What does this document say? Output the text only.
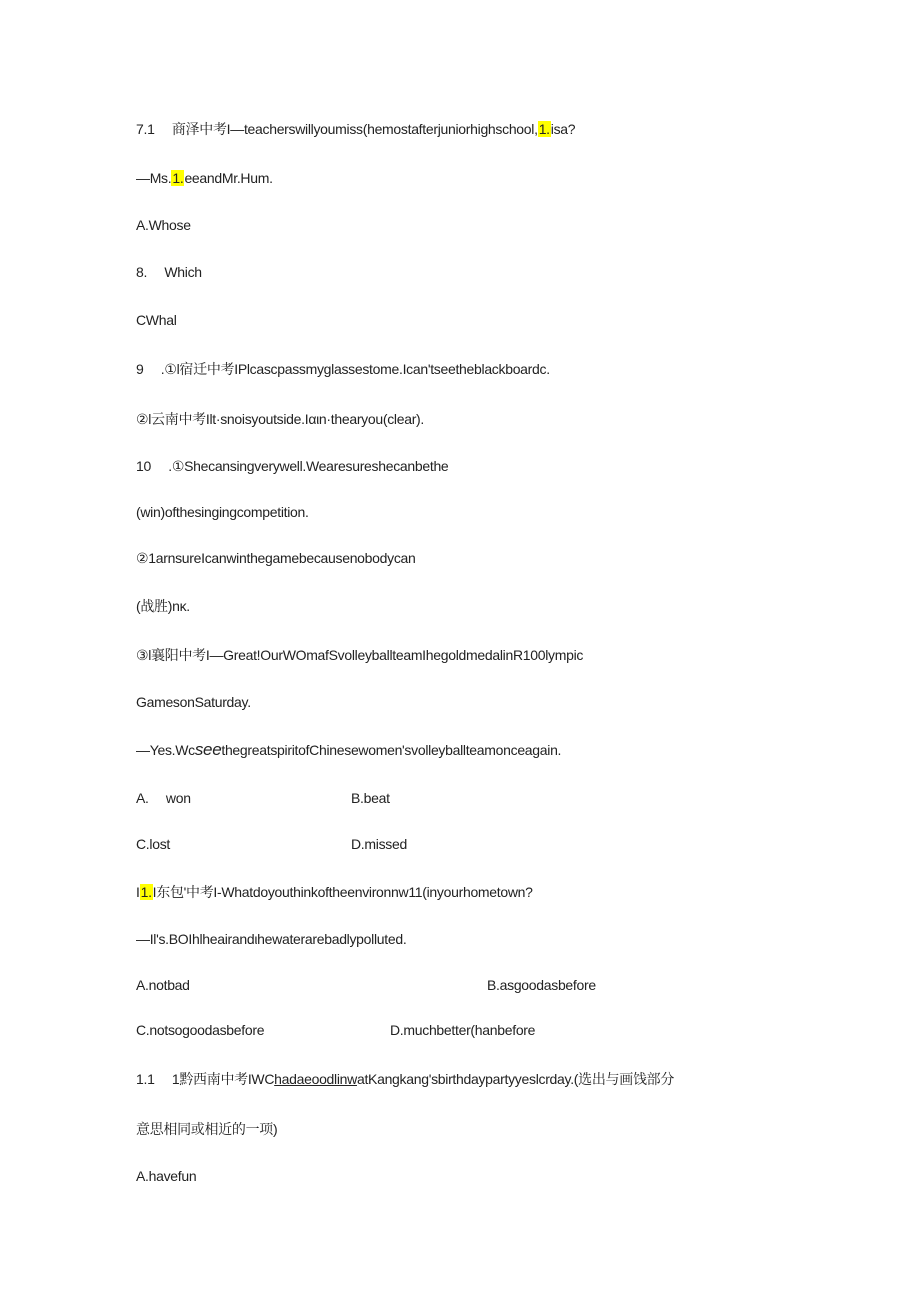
7.1　 商泽中考I—teacherswillyoumiss(hemostafterjuniorhighschool,1.isa?
—Ms.1.eeandMr.Hum.
A.Whose
8.　 Which
CWhal
9　 .①l宿迁中考IPlcascpassmyglassestome.Ican'tseetheblackboardc.
②l云南中考Ilt·snoisyoutside.Iαιn·thearyou(clear).
10　 .①Shecansingverywell.Wearesureshecanbethe
(win)ofthesingingcompetition.
②1arnsureIcanwinthegamebecausenobodycan
(战胜)nκ.
③l襄阳中考I—Great!OurWOmafSvolleyballteamIhegoldmedalinR100lympic
GamesonSaturday.
—Yes.WcseethegreatspiritofChinesewomen'svolleyballteamonceagain.
A.　 won	B.beat
C.lost	D.missed
I1.I东包'中考I-Whatdoyouthinkoftheenvironnw11(inyourhometown?
—Il's.BOIhlheairandιhewaterarebadlypolluted.
A.notbad	B.asgoodasbefore
C.notsogoodasbefore	D.muchbetter(hanbefore
1.1　 1黔西南中考IWChadaeoodlinwatKangkang'sbirthdaypartyyeslcrday.(选出与画饯部分
意思相同或相近的一项)
A.havefun
